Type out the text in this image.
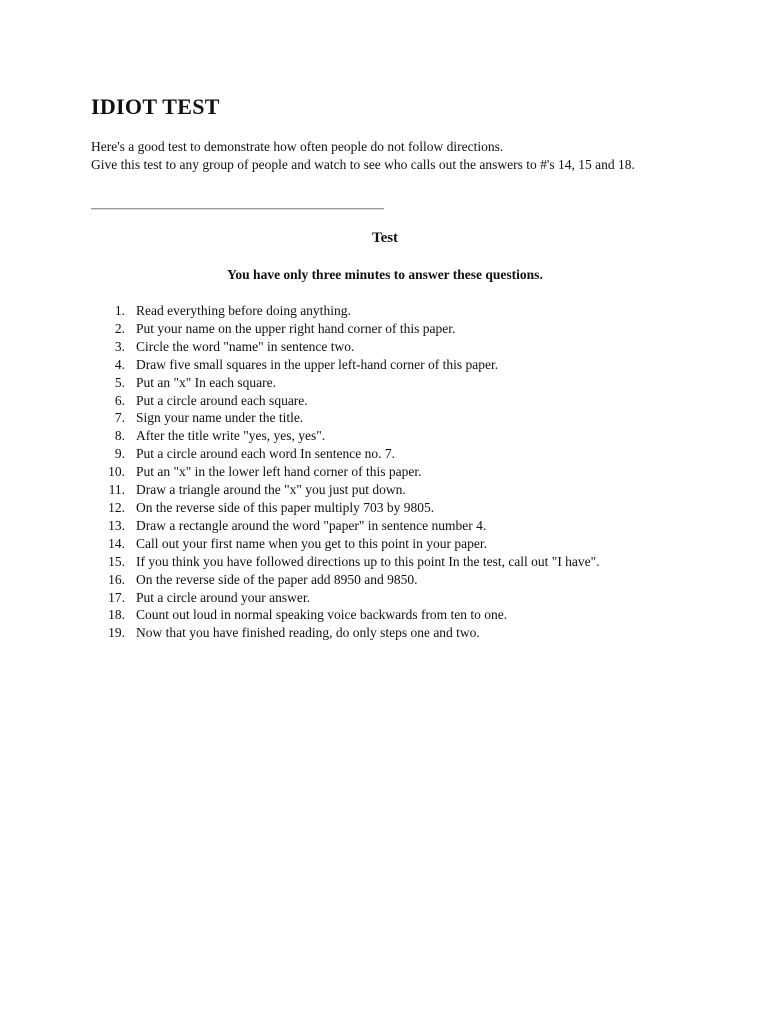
IDIOT TEST

Here's a good test to demonstrate how often people do not follow directions.

Give this test to any group of people and watch to see who calls out the answers to #'s 14, 15 and 18.

Test

You have only three minutes to answer these questions.

1. Read everything before doing anything.
2. Put your name on the upper right hand corner of this paper.
3. Circle the word "name" in sentence two.
4. Draw five small squares in the upper left-hand corner of this paper.
5. Put an "x" In each square.
6. Put a circle around each square.
7. Sign your name under the title.
8. After the title write "yes, yes, yes".
9. Put a circle around each word In sentence no. 7.
10. Put an "x" in the lower left hand corner of this paper.
11. Draw a triangle around the "x" you just put down.
12. On the reverse side of this paper multiply 703 by 9805.
13. Draw a rectangle around the word "paper" in sentence number 4.
14. Call out your first name when you get to this point in your paper.
15. If you think you have followed directions up to this point In the test, call out "I have".
16. On the reverse side of the paper add 8950 and 9850.
17. Put a circle around your answer.
18. Count out loud in normal speaking voice backwards from ten to one.
19. Now that you have finished reading, do only steps one and two.
